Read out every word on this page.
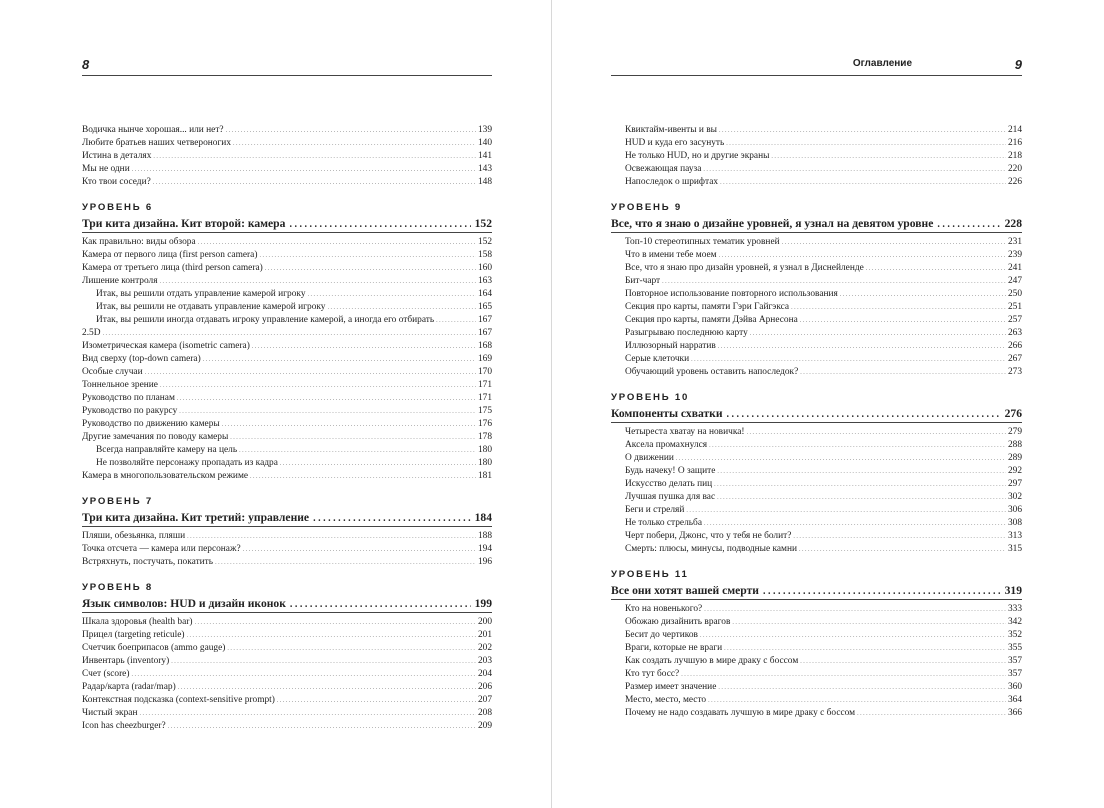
8
Водичка нынче хорошая... или нет? . . .	139
Любите братьев наших четвероногих . . .	140
Истина в деталях . . .	141
Мы не одни . . .	143
Кто твои соседи? . . .	148
УРОВЕНЬ 6
Три кита дизайна. Кит второй: камера . . .	152
Как правильно: виды обзора . . .	152
Камера от первого лица (first person camera) . . .	158
Камера от третьего лица (third person camera) . . .	160
Лишение контроля . . .	163
Итак, вы решили отдать управление камерой игроку . . .	164
Итак, вы решили не отдавать управление камерой игроку . . .	165
Итак, вы решили иногда отдавать игроку управление камерой, а иногда его отбирать . . .	167
2.5D . . .	167
Изометрическая камера (isometric camera) . . .	168
Вид сверху (top-down camera) . . .	169
Особые случаи . . .	170
Тоннельное зрение . . .	171
Руководство по планам . . .	171
Руководство по ракурсу . . .	175
Руководство по движению камеры . . .	176
Другие замечания по поводу камеры . . .	178
Всегда направляйте камеру на цель . . .	180
Не позволяйте персонажу пропадать из кадра . . .	180
Камера в многопользовательском режиме . . .	181
УРОВЕНЬ 7
Три кита дизайна. Кит третий: управление . . .	184
Пляши, обезьянка, пляши . . .	188
Точка отсчета — камера или персонаж? . . .	194
Встряхнуть, постучать, покатить . . .	196
УРОВЕНЬ 8
Язык символов: HUD и дизайн иконок . . .	199
Шкала здоровья (health bar) . . .	200
Прицел (targeting reticule) . . .	201
Счетчик боеприпасов (ammo gauge) . . .	202
Инвентарь (inventory) . . .	203
Счет (score) . . .	204
Радар/карта (radar/map) . . .	206
Контекстная подсказка (context-sensitive prompt) . . .	207
Чистый экран . . .	208
Icon has cheezburger? . . .	209
Оглавление	9
Квиктайм-ивенты и вы . . .	214
HUD и куда его засунуть . . .	216
Не только HUD, но и другие экраны . . .	218
Освежающая пауза . . .	220
Напоследок о шрифтах . . .	226
УРОВЕНЬ 9
Все, что я знаю о дизайне уровней, я узнал на девятом уровне . . .	228
Топ-10 стереотипных тематик уровней . . .	231
Что в имени тебе моем . . .	239
Все, что я знаю про дизайн уровней, я узнал в Диснейленде . . .	241
Бит-чарт . . .	247
Повторное использование повторного использования . . .	250
Секция про карты, памяти Гэри Гайгэкса . . .	251
Секция про карты, памяти Дэйва Арнесона . . .	257
Разыгрываю последнюю карту . . .	263
Иллюзорный нарратив . . .	266
Серые клеточки . . .	267
Обучающий уровень оставить напоследок? . . .	273
УРОВЕНЬ 10
Компоненты схватки . . .	276
Четыреста хватау на новичка! . . .	279
Аксела промахнулся . . .	288
О движении . . .	289
Будь начеку! О защите . . .	292
Искусство делать пиц . . .	297
Лучшая пушка для вас . . .	302
Беги и стреляй . . .	306
Не только стрельба . . .	308
Черт побери, Джонс, что у тебя не болит? . . .	313
Смерть: плюсы, минусы, подводные камни . . .	315
УРОВЕНЬ 11
Все они хотят вашей смерти . . .	319
Кто на новенького? . . .	333
Обожаю дизайнить врагов . . .	342
Бесит до чертиков . . .	352
Враги, которые не враги . . .	355
Как создать лучшую в мире драку с боссом . . .	357
Кто тут босс? . . .	357
Размер имеет значение . . .	360
Место, место, место . . .	364
Почему не надо создавать лучшую в мире драку с боссом . . .	366
